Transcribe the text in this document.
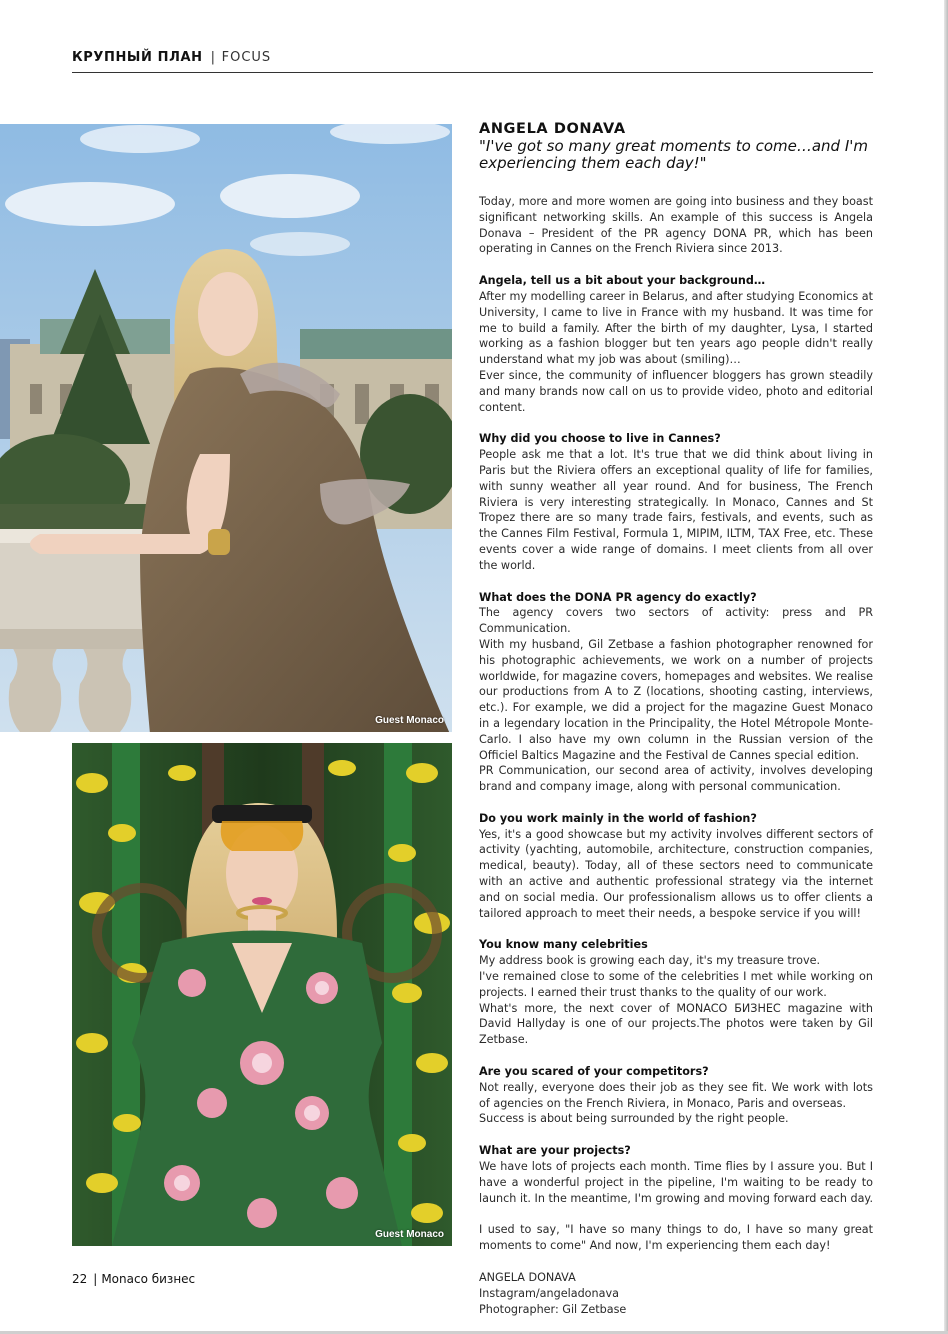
КРУПНЫЙ ПЛАН | FOCUS
Guest Monaco
Guest Monaco
ANGELA DONAVA
"I've got so many great moments to come…and I'm experiencing them each day!"

Today, more and more women are going into business and they boast significant networking skills. An example of this success is Angela Donava – President of the PR agency DONA PR, which has been operating in Cannes on the French Riviera since 2013.

Angela, tell us a bit about your background…

After my modelling career in Belarus, and after studying Economics at University, I came to live in France with my husband. It was time for me to build a family. After the birth of my daughter, Lysa, I started working as a fashion blogger but ten years ago people didn't really understand what my job was about (smiling)…

Ever since, the community of influencer bloggers has grown steadily and many brands now call on us to provide video, photo and editorial content.

Why did you choose to live in Cannes?

People ask me that a lot. It's true that we did think about living in Paris but the Riviera offers an exceptional quality of life for families, with sunny weather all year round. And for business, The French Riviera is very interesting strategically. In Monaco, Cannes and St Tropez there are so many trade fairs, festivals, and events, such as the Cannes Film Festival, Formula 1, MIPIM, ILTM, TAX Free, etc. These events cover a wide range of domains. I meet clients from all over the world.

What does the DONA PR agency do exactly?

The agency covers two sectors of activity: press and PR Communication.

With my husband, Gil Zetbase a fashion photographer renowned for his photographic achievements, we work on a number of projects worldwide, for magazine covers, homepages and websites. We realise our productions from A to Z (locations, shooting casting, interviews, etc.). For example, we did a project for the magazine Guest Monaco in a legendary location in the Principality, the Hotel Métropole Monte-Carlo. I also have my own column in the Russian version of the Officiel Baltics Magazine and the Festival de Cannes special edition.

PR Communication, our second area of activity, involves developing brand and company image, along with personal communication.

Do you work mainly in the world of fashion?

Yes, it's a good showcase but my activity involves different sectors of activity (yachting, automobile, architecture, construction companies, medical, beauty). Today, all of these sectors need to communicate with an active and authentic professional strategy via the internet and on social media. Our professionalism allows us to offer clients a tailored approach to meet their needs, a bespoke service if you will!

You know many celebrities

My address book is growing each day, it's my treasure trove.

I've remained close to some of the celebrities I met while working on projects. I earned their trust thanks to the quality of our work.

What's more, the next cover of MONACO БИЗНЕС magazine with David Hallyday is one of our projects.The photos were taken by Gil Zetbase.

Are you scared of your competitors?

Not really, everyone does their job as they see fit. We work with lots of agencies on the French Riviera, in Monaco, Paris and overseas.

Success is about being surrounded by the right people.

What are your projects?

We have lots of projects each month. Time flies by I assure you. But I have a wonderful project in the pipeline, I'm waiting to be ready to launch it. In the meantime, I'm growing and moving forward each day.

I used to say, "I have so many things to do, I have so many great moments to come" And now, I'm experiencing them each day!

ANGELA DONAVA

Instagram/angeladonava

Photographer: Gil Zetbase

22 | Monaco бизнес
